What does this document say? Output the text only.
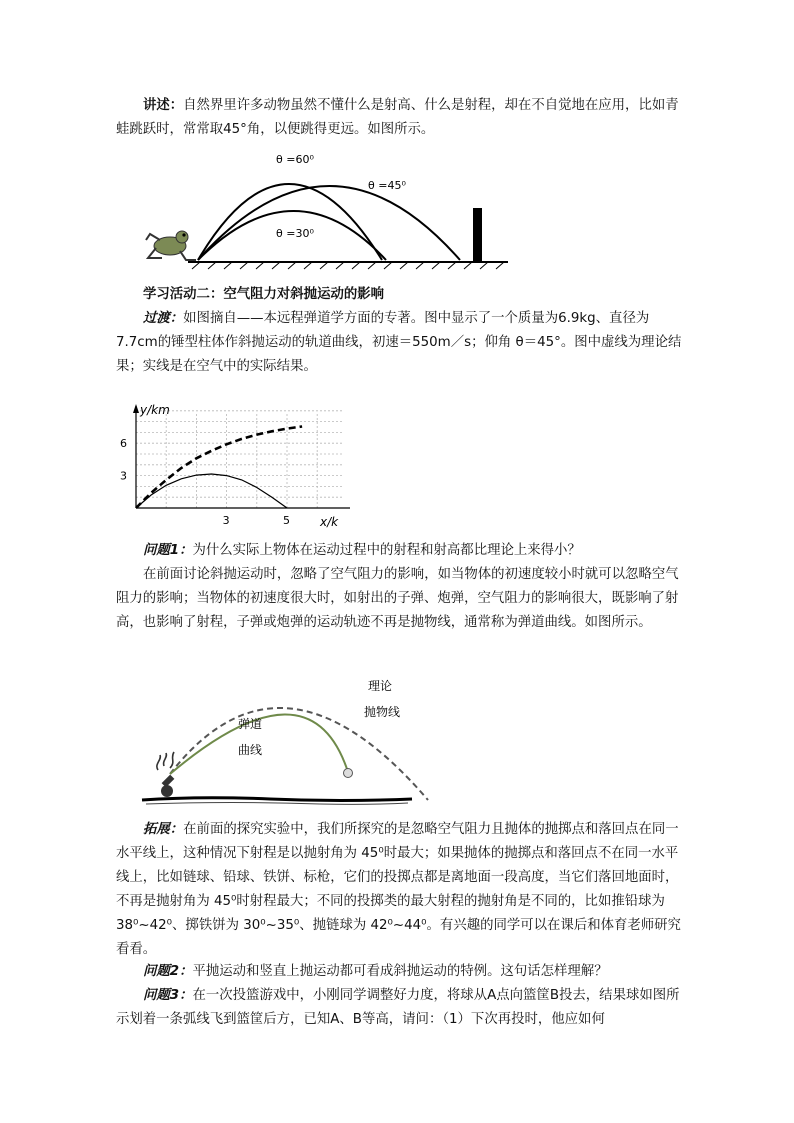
讲述：自然界里许多动物虽然不懂什么是射高、什么是射程，却在不自觉地在应用，比如青蛙跳跃时，常常取45°角，以便跳得更远。如图所示。

θ =60⁰
θ =45⁰
θ =30⁰

学习活动二：空气阻力对斜抛运动的影响

过渡：如图摘自——本远程弹道学方面的专著。图中显示了一个质量为6.9kg、直径为7.7cm的锤型柱体作斜抛运动的轨道曲线，初速＝550m／s；仰角 θ＝45°。图中虚线为理论结果；实线是在空气中的实际结果。

y/km
x/k
6
3
3	5

问题1：为什么实际上物体在运动过程中的射程和射高都比理论上来得小？

在前面讨论斜抛运动时，忽略了空气阻力的影响，如当物体的初速度较小时就可以忽略空气阻力的影响；当物体的初速度很大时，如射出的子弹、炮弹，空气阻力的影响很大，既影响了射高，也影响了射程，子弹或炮弹的运动轨迹不再是抛物线，通常称为弹道曲线。如图所示。

理论
抛物线
弹道
曲线

拓展：在前面的探究实验中，我们所探究的是忽略空气阻力且抛体的抛掷点和落回点在同一水平线上，这种情况下射程是以抛射角为 45⁰时最大；如果抛体的抛掷点和落回点不在同一水平线上，比如链球、铅球、铁饼、标枪，它们的投掷点都是离地面一段高度，当它们落回地面时，不再是抛射角为 45⁰时射程最大；不同的投掷类的最大射程的抛射角是不同的，比如推铅球为 38⁰~42⁰、掷铁饼为 30⁰~35⁰、抛链球为 42⁰~44⁰。有兴趣的同学可以在课后和体育老师研究看看。

问题2：平抛运动和竖直上抛运动都可看成斜抛运动的特例。这句话怎样理解？

问题3：在一次投篮游戏中，小刚同学调整好力度，将球从A点向篮筐B投去，结果球如图所示划着一条弧线飞到篮筐后方，已知A、B等高，请问：（1）下次再投时，他应如何
